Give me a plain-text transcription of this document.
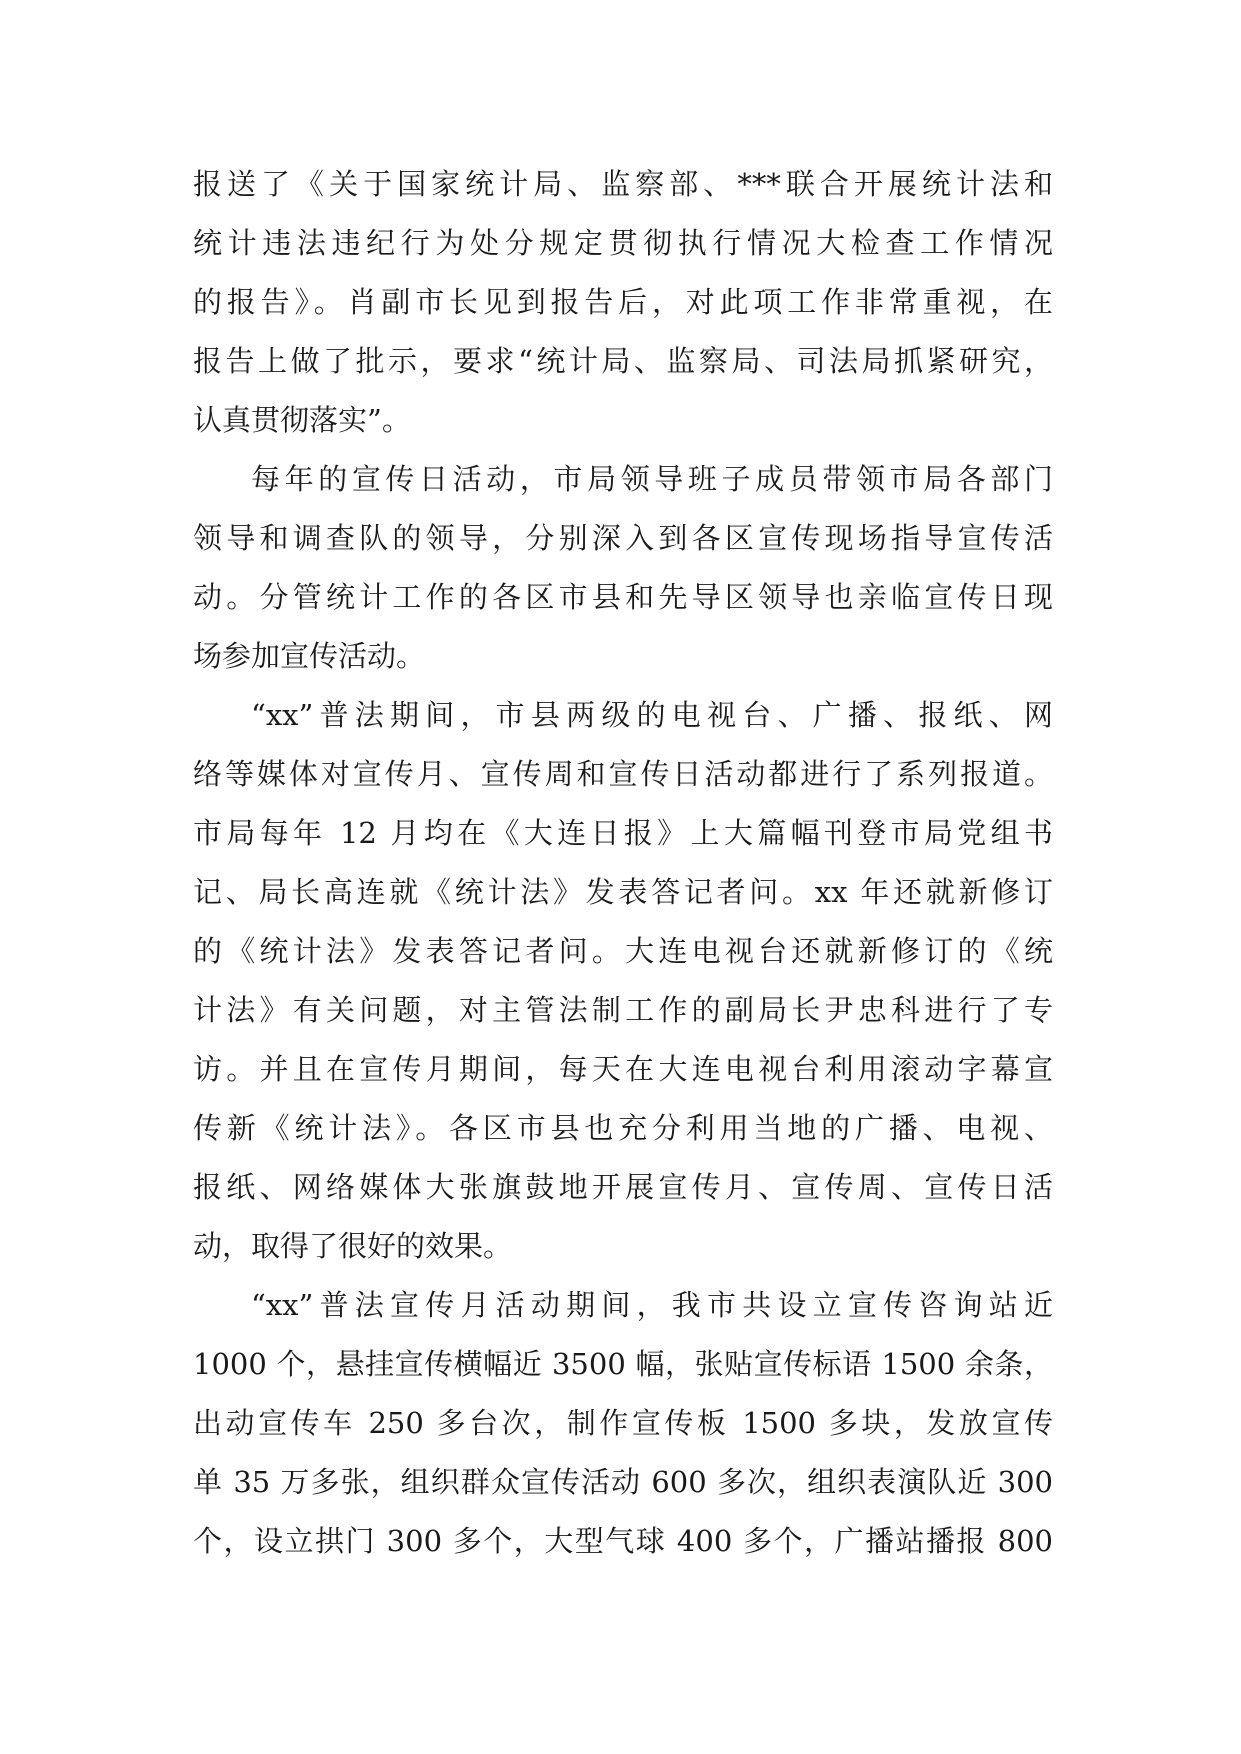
报送了《关于国家统计局、监察部、***联合开展统计法和
统计违法违纪行为处分规定贯彻执行情况大检查工作情况
的报告》。肖副市长见到报告后，对此项工作非常重视，在
报告上做了批示，要求“统计局、监察局、司法局抓紧研究，
认真贯彻落实”。
每年的宣传日活动，市局领导班子成员带领市局各部门
领导和调查队的领导，分别深入到各区宣传现场指导宣传活
动。分管统计工作的各区市县和先导区领导也亲临宣传日现
场参加宣传活动。
“xx”普法期间，市县两级的电视台、广播、报纸、网
络等媒体对宣传月、宣传周和宣传日活动都进行了系列报道。
市局每年 12 月均在《大连日报》上大篇幅刊登市局党组书
记、局长高连就《统计法》发表答记者问。xx 年还就新修订
的《统计法》发表答记者问。大连电视台还就新修订的《统
计法》有关问题，对主管法制工作的副局长尹忠科进行了专
访。并且在宣传月期间，每天在大连电视台利用滚动字幕宣
传新《统计法》。各区市县也充分利用当地的广播、电视、
报纸、网络媒体大张旗鼓地开展宣传月、宣传周、宣传日活
动，取得了很好的效果。
“xx”普法宣传月活动期间，我市共设立宣传咨询站近
1000 个，悬挂宣传横幅近 3500 幅，张贴宣传标语 1500 余条，
出动宣传车 250 多台次，制作宣传板 1500 多块，发放宣传
单 35 万多张，组织群众宣传活动 600 多次，组织表演队近 300
个，设立拱门 300 多个，大型气球 400 多个，广播站播报 800
